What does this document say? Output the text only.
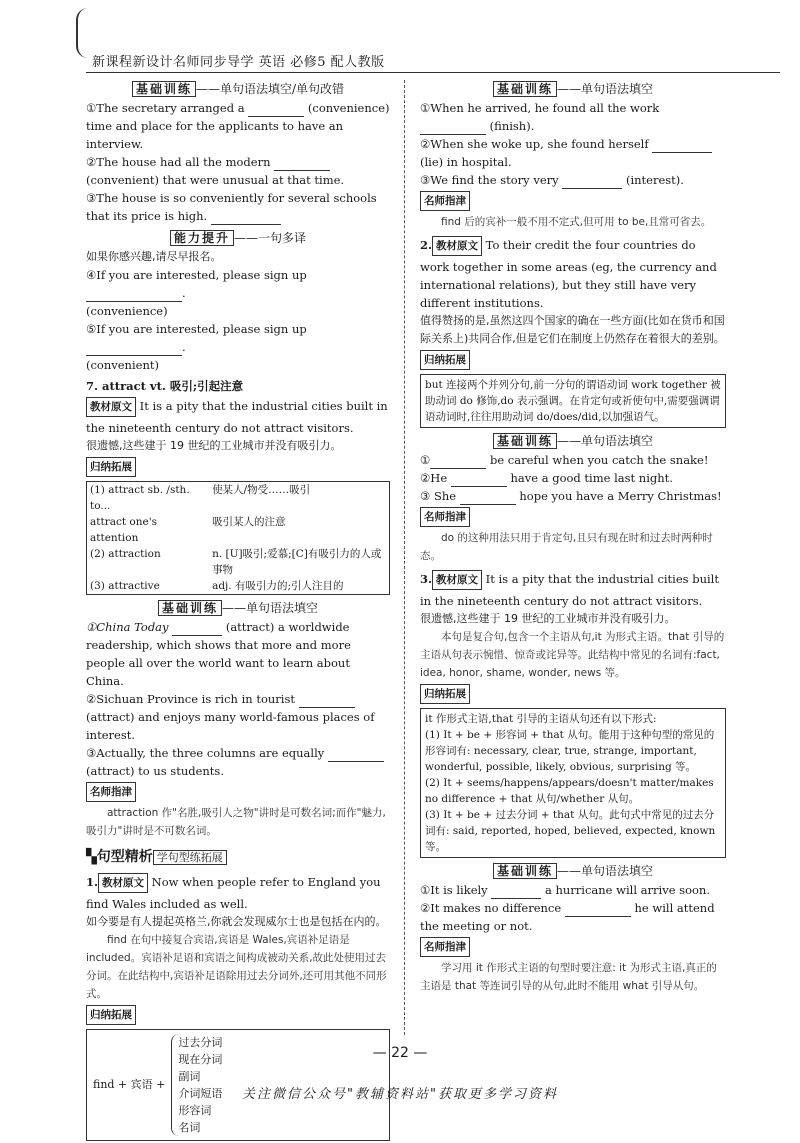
新课程新设计名师同步导学 英语 必修5 配人教版
基础训练 ——单句语法填空/单句改错

①The secretary arranged a	(convenience) time and place for the applicants to have an interview.

②The house had all the modern  (convenient) that were unusual at that time.

③The house is so conveniently for several schools that its price is high.

能力提升 ——一句多译

如果你感兴趣,请尽早报名。

④If you are interested, please sign up .
(convenience)

⑤If you are interested, please sign up .
(convenient)

7. attract vt. 吸引;引起注意

教材原文 It is a pity that the industrial cities built in the nineteenth century do not attract visitors.

很遗憾,这些建于 19 世纪的工业城市并没有吸引力。

归纳拓展
(1) attract sb. /sth. to...	使某人/物受……吸引
attract one's attention	吸引某人的注意
(2) attraction	n. [U]吸引;爱慕;[C]有吸引力的人或事物
(3) attractive	adj. 有吸引力的;引人注目的
基础训练 ——单句语法填空

①China Today	(attract) a worldwide readership, which shows that more and more people all over the world want to learn about China.

②Sichuan Province is rich in tourist  (attract) and enjoys many world-famous places of interest.

③Actually, the three columns are equally  (attract) to us students.

名师指津

attraction 作"名胜,吸引人之物"讲时是可数名词;而作"魅力,吸引力"讲时是不可数名词。

▚句型精析 学句型练拓展

1. 教材原文 Now when people refer to England you find Wales included as well.

如今要是有人提起英格兰,你就会发现威尔士也是包括在内的。

find 在句中接复合宾语,宾语是 Wales,宾语补足语是 included。宾语补足语和宾语之间构成被动关系,故此处使用过去分词。在此结构中,宾语补足语除用过去分词外,还可用其他不同形式。

归纳拓展
find + 宾语 +
过去分词
现在分词
副词
介词短语
形容词
名词
基础训练 ——单句语法填空

①When he arrived, he found all the work  (finish).

②When she woke up, she found herself  (lie) in hospital.

③We find the story very	(interest).

名师指津

find 后的宾补一般不用不定式,但可用 to be,且常可省去。

2. 教材原文 To their credit the four countries do work together in some areas (eg, the currency and international relations), but they still have very different institutions.

值得赞扬的是,虽然这四个国家的确在一些方面(比如在货币和国际关系上)共同合作,但是它们在制度上仍然存在着很大的差别。

归纳拓展
but 连接两个并列分句,前一分句的谓语动词 work together 被助动词 do 修饰,do 表示强调。在肯定句或祈使句中,需要强调谓语动词时,往往用助动词 do/does/did,以加强语气。
基础训练 ——单句语法填空

①	be careful when you catch the snake!

②He	have a good time last night.

③ She	hope you have a Merry Christmas!

名师指津

do 的这种用法只用于肯定句,且只有现在时和过去时两种时态。

3. 教材原文 It is a pity that the industrial cities built in the nineteenth century do not attract visitors.

很遗憾,这些建于 19 世纪的工业城市并没有吸引力。

本句是复合句,包含一个主语从句,it 为形式主语。that 引导的主语从句表示惋惜、惊奇或诧异等。此结构中常见的名词有:fact, idea, honor, shame, wonder, news 等。

归纳拓展
it 作形式主语,that 引导的主语从句还有以下形式:
(1) It + be + 形容词 + that 从句。能用于这种句型的常见的形容词有: necessary, clear, true, strange, important, wonderful, possible, likely, obvious, surprising 等。
(2) It + seems/happens/appears/doesn't matter/makes no difference + that 从句/whether 从句。
(3) It + be + 过去分词 + that 从句。此句式中常见的过去分词有: said, reported, hoped, believed, expected, known 等。
基础训练 ——单句语法填空

①It is likely	a hurricane will arrive soon.

②It makes no difference	he will attend the meeting or not.

名师指津

学习用 it 作形式主语的句型时要注意: it 为形式主语,真正的主语是 that 等连词引导的从句,此时不能用 what 引导从句。

— 22 —
关注微信公众号"教辅资料站"获取更多学习资料
